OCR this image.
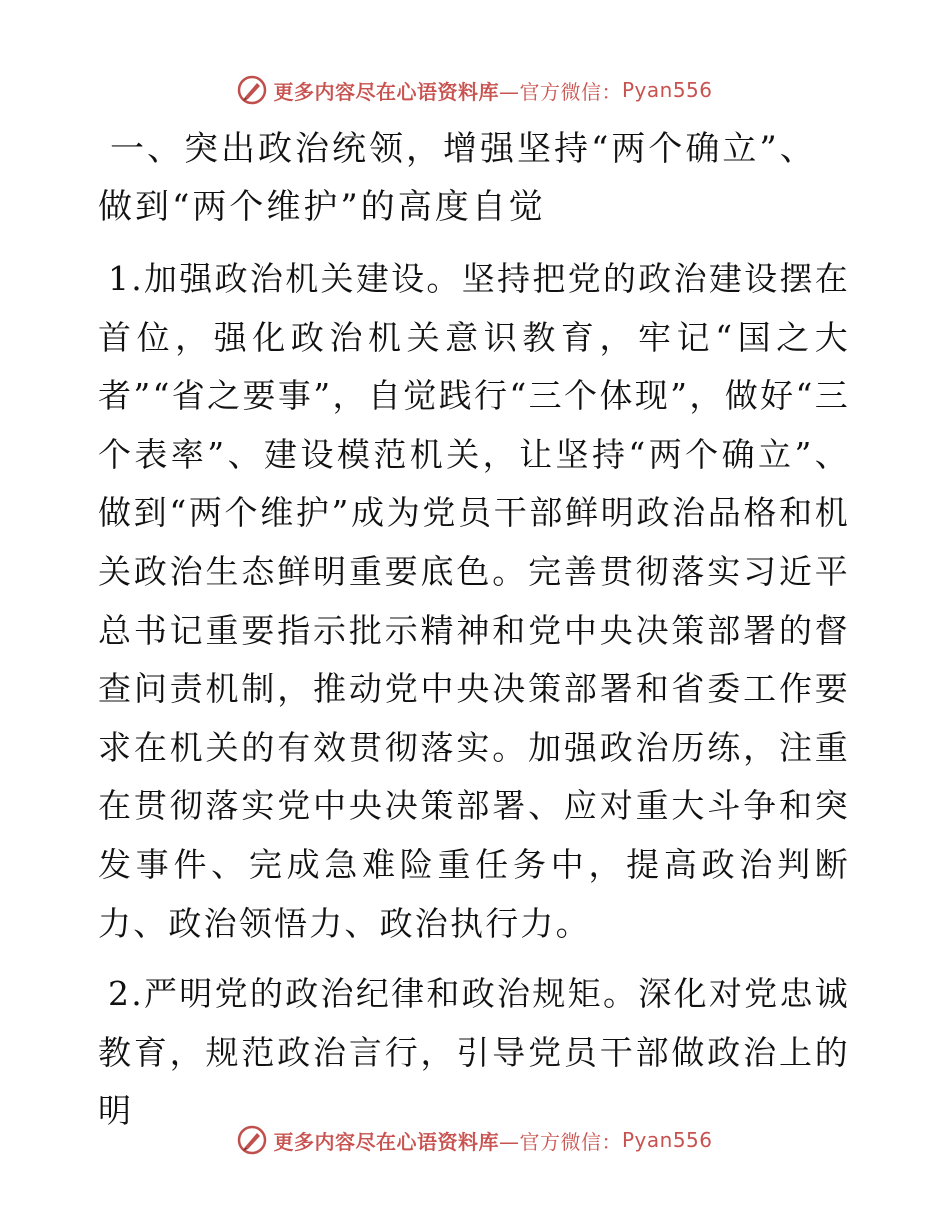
更多内容尽在心语资料库 —官方微信： Pyan556
一、突出政治统领，增强坚持“两个确立”、做到“两个维护”的高度自觉

1.加强政治机关建设。坚持把党的政治建设摆在首位，强化政治机关意识教育，牢记“国之大者”“省之要事”，自觉践行“三个体现”，做好“三个表率”、建设模范机关，让坚持“两个确立”、做到“两个维护”成为党员干部鲜明政治品格和机关政治生态鲜明重要底色。完善贯彻落实习近平总书记重要指示批示精神和党中央决策部署的督查问责机制，推动党中央决策部署和省委工作要求在机关的有效贯彻落实。加强政治历练，注重在贯彻落实党中央决策部署、应对重大斗争和突发事件、完成急难险重任务中，提高政治判断力、政治领悟力、政治执行力。

2.严明党的政治纪律和政治规矩。深化对党忠诚教育，规范政治言行，引导党员干部做政治上的明

更多内容尽在心语资料库 —官方微信： Pyan556
